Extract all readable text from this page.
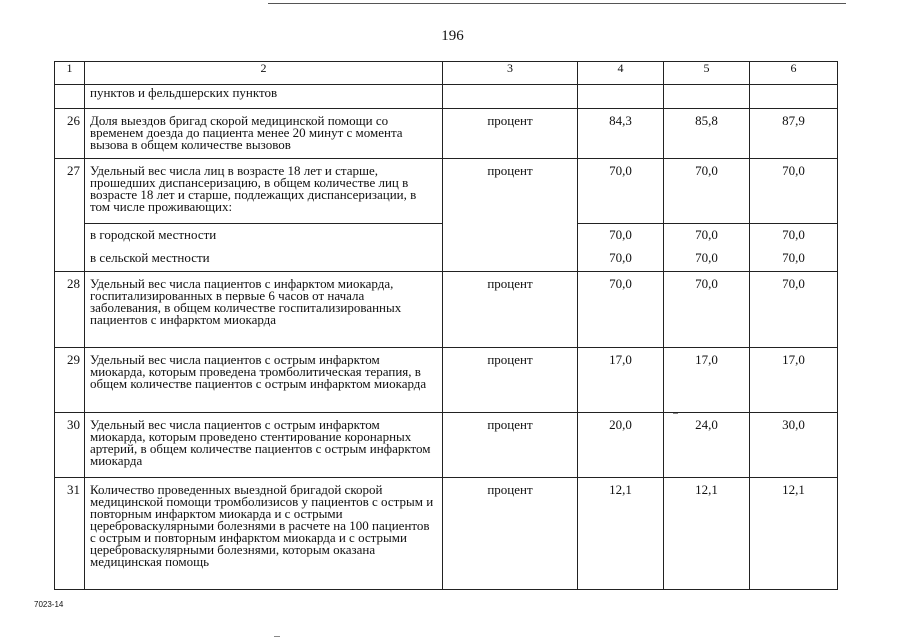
196
1	2	3	4	5	6
	пунктов и фельдшерских пунктов				
26	Доля выездов бригад скорой медицинской помощи со временем доезда до пациента менее 20 минут с момента вызова в общем количестве вызовов	процент	84,3	85,8	87,9
27	Удельный вес числа лиц в возрасте 18 лет и старше, прошедших диспансеризацию, в общем количестве лиц в возрасте 18 лет и старше, подлежащих диспансеризации, в том числе проживающих:	процент	70,0	70,0	70,0
	в городской местности		70,0	70,0	70,0
	в сельской местности		70,0	70,0	70,0
28	Удельный вес числа пациентов с инфарктом миокарда, госпитализированных в первые 6 часов от начала заболевания, в общем количестве госпитализированных пациентов с инфарктом миокарда	процент	70,0	70,0	70,0
29	Удельный вес числа пациентов с острым инфарктом миокарда, которым проведена тромболитическая терапия, в общем количестве пациентов с острым инфарктом миокарда	процент	17,0	17,0	17,0
30	Удельный вес числа пациентов с острым инфарктом миокарда, которым проведено стентирование коронарных артерий, в общем количестве пациентов с острым инфарктом миокарда	процент	20,0	24,0	30,0
31	Количество проведенных выездной бригадой скорой медицинской помощи тромболизисов у пациентов с острым и повторным инфарктом миокарда и с острыми цереброваскулярными болезнями в расчете на 100 пациентов с острым и повторным инфарктом миокарда и с острыми цереброваскулярными болезнями, которым оказана медицинская помощь	процент	12,1	12,1	12,1
7023-14
